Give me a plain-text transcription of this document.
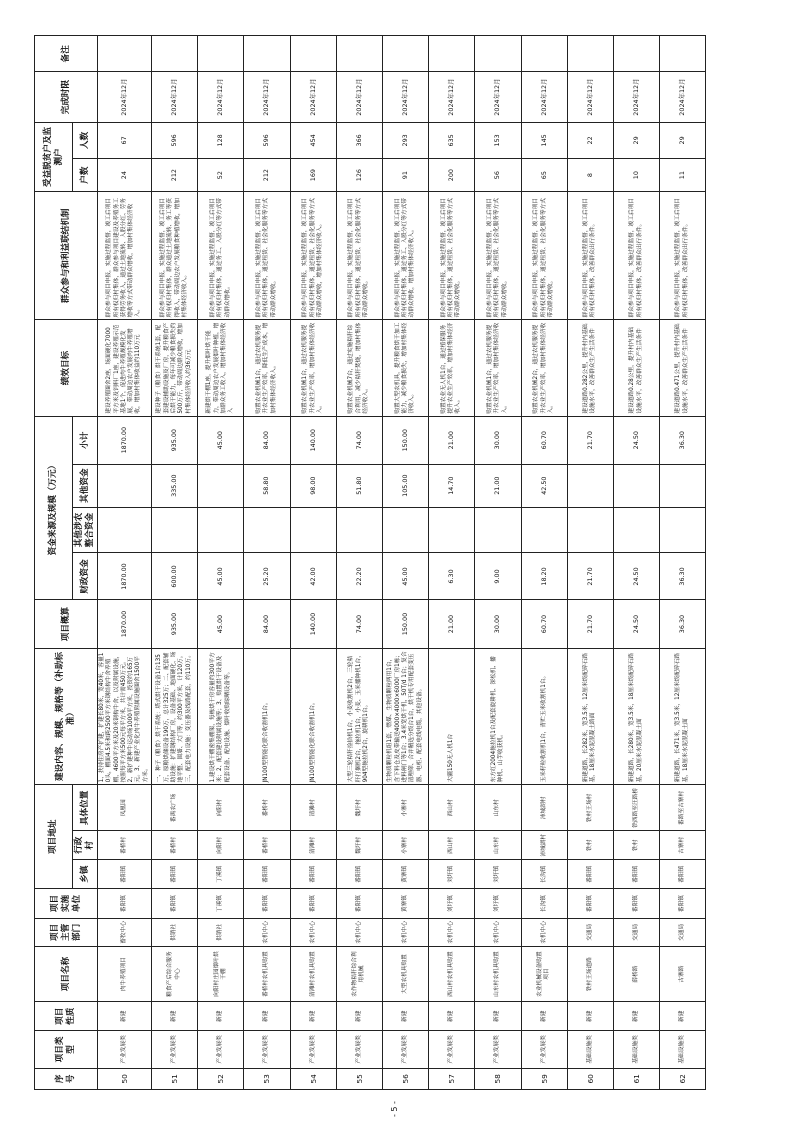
序号	项目类型	项目性质	项目名称	项目主管部门	项目实施单位	项目地址			建设内容、规模、规格等（补助标准）	项目概算	资金来源及规模（万元）				绩效目标	群众参与和利益联结机制	受益脱贫户及监测户		完成时限	备注
						乡镇	行政村	具体位置			财政资金	其他涉农整合资金	其他资金	小计			户数	人数		
50	产业发展类	新建	肉牛养殖项目	畜牧中心	番阳镇	番阳镇	番桥村	凤凰园	1、扶持住房产扩建，扩建长80米，宽40米，容量10头，棚面4.5米和跨2500平方米钢结构牛舍养殖棚，4600平方米及20米钢构牛舍，以及附属设施，按照每平方米500元每平方米，共计需450万元。2、新扩建种牛运动场1000平方米，投资约165万元。3、新建产业化肉牛养殖附属设施圈舍1500平方米。	1870.00	1870.00			1870.00	建设养殖圈舍2座，场面硬化7000平方米及饲料厂1座，建设养殖示范基地1个，促进肉牛养殖规模化发展，带动周边农户发展肉牛养殖增收，增加村集体收益约110万元	群众参与项目申报，实施过程监督，竣工后项目所有权归村集体，群众参与项目建设及养殖务工获得劳务收入，通过土地流转、入股分红、劳务增收等方式带动群众增收，增加村集体经济收入。	24	67	2024年12月	
51	产业发展类	新建	粮食产后综合服务中心	供销社	番阳镇	番阳镇	番桥村	番禺农广场	一、种子（粮食）烘干系统：塔式烘干设备1台135万，原粮烘储设备190万，总计325万；二、配套辅助设施：扩建钢结构厂房，设备基础、地面硬化、场地平整、围墙、大门等，约300平方米，计120万。三、配套电力设施：变压器及线路配套，约110万。	935.00	600.00		335.00	935.00	建设种子（粮食）烘干系统1套，配套建设辅助设施及厂房，提升粮食产后烘干能力，每年可减少粮食损失约500万斤，带动周边群众增收，增加村集体经济收入约36万元	群众参与项目申报，实施过程监督，竣工后项目所有权归村集体，群众通过土地流转、务工等获得收入，带动周边农户发展粮食种植增收，增加村集体经济收入。	212	596	2024年12月	
52	产业发展类	新建	向阳村庄园烟叶烘干棚	供销社	丁溪镇	丁溪镇	向阳村	向阳村	1.建设烘干棚密集棚架，每栋烘干房容量约300平方米；2、配套建设附属设施等；3、购置烘干设备及配套设备、配电设施、烟叶收购晾晒设备等。	45.00	45.00			45.00	新建烘干棚1座，提升烟叶烘干能力，带动周边农户发展烟叶种植，增加群众务工收入，增加村集体经济收入	群众参与项目申报，实施过程监督，竣工后项目所有权归村集体，通过务工、入股分红等方式带动群众增收。	52	128	2024年12月	
53	产业发展类	新建	番桥村农机具购置	农机中心	番阳镇	番阳镇	番桥村	番桥村	JN100型智能化联合收割机1台。	84.00	25.20		58.80	84.00	购置农业机械1台，通过农机服务提升农业生产效率，降低生产成本，增加村集体经济收入。	群众参与项目申报，实施过程监督，竣工后项目所有权归村集体，通过租赁、社会化服务等方式带动群众增收。	212	596	2024年12月	
54	产业发展类	新建	清滩村农机具购置	农机中心	番阳镇	番阳镇	清滩村	清滩村	JN100型智能化联合收割机1台。	140.00	42.00		98.00	140.00	购置农业机械1台，通过农机服务提升农业生产效率，增加村集体经济收入。	群众参与项目申报，实施过程监督，竣工后项目所有权归村集体，通过租赁、社会化服务等方式带动群众增收，增加村集体经济收入。	169	454	2024年12月	
55	产业发展类	新建	农作物秸秆综合利用机械	农机中心	番阳镇	番阳镇	魏圩村	魏圩村	大型三轮秸秆捡拾机1台，小麦收割机2台，三轮秸秆打捆机2台，拖拉机1台，小麦、玉米播种机1台，904型拖拉机2台，旋耕机1台。	74.00	22.20		51.80	74.00	购置农业机械7台，通过实施秸秆综合利用，减少秸秆焚烧，增加村集体经济收入。	群众参与项目申报，实施过程监督，竣工后项目所有权归村集体，通过租赁、社会化服务等方式带动群众增收。	126	366	2024年12月	
56	产业发展类	新建	大型农机具购置	农机中心	黄寨镇	黄寨镇	小寨村	小寨村	生物质颗粒机组1套，燃煤、生物质颗粒两用1台，含下料仓及皮带输送4000×4000×6000厂房1栋；进料闸门等1台；3.4米宽烘干机，50T/d 1台；复合清理筛、合并精选分级台1台，烘干机专用配套变压器、电柜、配套电线电缆，其他设备。	150.00	45.00		105.00	150.00	购置大型农机具，提升粮食烘干加工能力，减少粮食损失，增加村集体经济收入。	群众参与项目申报，实施过程监督，竣工后项目所有权归村集体，通过务工、入股分红等方式带动群众增收，增加村集体经济收入。	91	293	2024年12月	
57	产业发展类	新建	西山村农机具购置	农机中心	刘圩镇	刘圩镇	西山村	西山村	大疆150无人机1台	21.00	6.30		14.70	21.00	购置农业无人机1台，通过植保服务提升农业生产效率，增加村集体经济收入。	群众参与项目申报，实施过程监督，竣工后项目所有权归村集体，通过租赁、社会化服务等方式带动群众增收。	200	635	2024年12月	
58	产业发展类	新建	山东村农机具购置	农机中心	刘圩镇	刘圩镇	山东村	山东村	东方红2004拖拉机1台及配套旋耕机、深松机、播种机、山芋收获机。	30.00	9.00		21.00	30.00	购置农业机械1台，通过农机服务提升农业生产效率，增加村集体经济收入。	群众参与项目申报，实施过程监督，竣工后项目所有权归村集体，通过租赁、社会化服务等方式带动群众增收。	56	153	2024年12月	
59	产业发展类	新建	农业机械设备购置项目	农机中心	长沟镇	长沟镇	沛城湖村	沛城湖村	玉米籽粒收割机1台，青贮玉米收割机1台。	60.70	18.20		42.50	60.70	购置农业机械2台，通过农机服务提升农业生产效率，增加村集体经济收入。	群众参与项目申报，实施过程监督，竣工后项目所有权归村集体，通过租赁、社会化服务等方式带动群众增收。	65	145	2024年12月	
60	基础设施类	新建	铁村王场道路	交通局	番阳镇	番阳镇	铁村	铁村王场村	新建道路，长282米，宽3.5米，12厘米级配碎石路基，18厘米水泥混凝土路面	21.70	21.70			21.70	建设道路0.282公里，提升村内基础设施水平，改善群众生产生活条件	群众参与项目申报，实施过程监督，竣工后项目所有权归村集体，改善群众出行条件。	8	22	2024年12月	
61	基础设施类	新建	薛桥路	交通局	番阳镇	番阳镇	铁村	铁西路至汪路桥	新建道路，长280米，宽3.5米，18厘米级配碎石路基，20厘米水泥混凝土面	24.50	24.50			24.50	建设道路0.28公里，提升村内基础设施水平，改善群众生产生活条件	群众参与项目申报，实施过程监督，竣工后项目所有权归村集体，改善群众出行条件。	10	29	2024年12月	
62	基础设施类	新建	古寨路	交通局	番阳镇	番阳镇	古寨村	番路至古寨村	新建道路，长471米，宽3.5米，12厘米级配碎石路基，18厘米水泥混凝土面	36.30	36.30			36.30	建设道路0.471公里，提升村内基础设施水平，改善群众生产生活条件	群众参与项目申报，实施过程监督，竣工后项目所有权归村集体，改善群众出行条件。	11	29	2024年12月	
- 5 -
